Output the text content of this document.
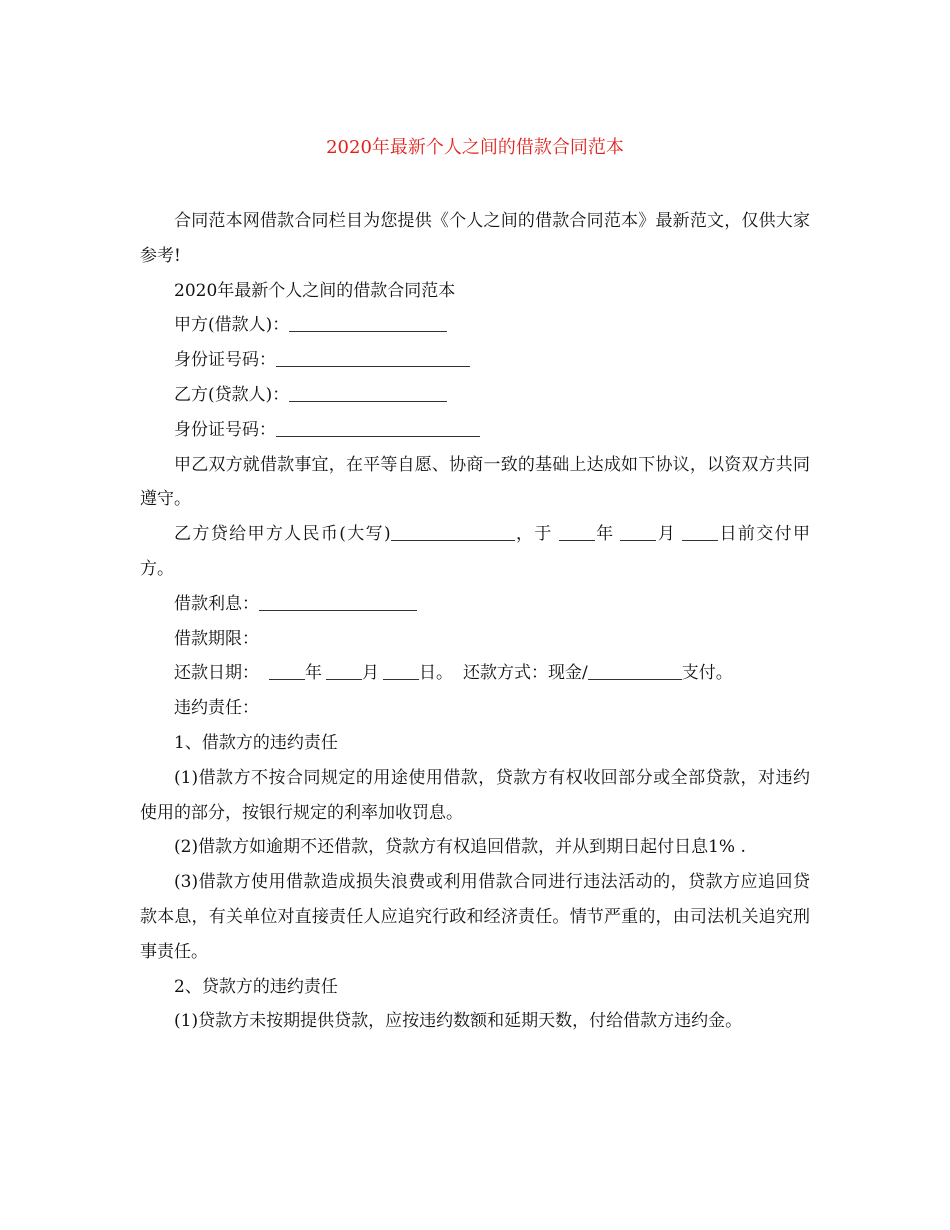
2020年最新个人之间的借款合同范本

合同范本网借款合同栏目为您提供《个人之间的借款合同范本》最新范文，仅供大家参考!

2020年最新个人之间的借款合同范本

甲方(借款人)：

身份证号码：

乙方(贷款人)：

身份证号码：

甲乙双方就借款事宜，在平等自愿、协商一致的基础上达成如下协议，以资双方共同遵守。

乙方贷给甲方人民币(大写)	，于 年 月 日前交付甲方。

借款利息：

借款期限：

还款日期：	年 月 日。 还款方式：现金/	支付。

违约责任：

1、借款方的违约责任

(1)借款方不按合同规定的用途使用借款，贷款方有权收回部分或全部贷款，对违约使用的部分，按银行规定的利率加收罚息。

(2)借款方如逾期不还借款，贷款方有权追回借款，并从到期日起付日息1% .

(3)借款方使用借款造成损失浪费或利用借款合同进行违法活动的，贷款方应追回贷款本息，有关单位对直接责任人应追究行政和经济责任。情节严重的，由司法机关追究刑事责任。

2、贷款方的违约责任

(1)贷款方未按期提供贷款，应按违约数额和延期天数，付给借款方违约金。
